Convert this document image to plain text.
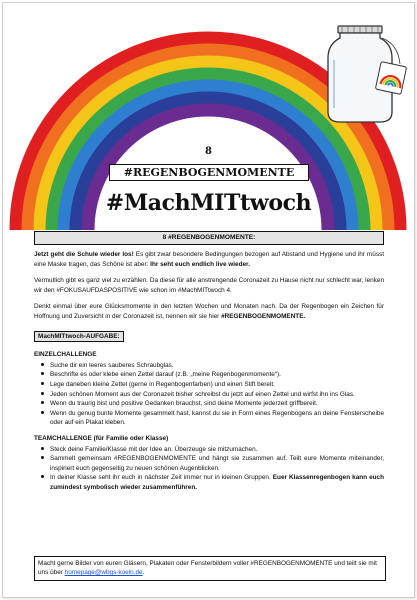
8
#REGENBOGENMOMENTE
#MachMITtwoch
8 #REGENBOGENMOMENTE:

Jetzt geht die Schule wieder los! Es gibt zwar besondere Bedingungen bezogen auf Abstand und Hygiene und ihr müsst eine Maske tragen, das Schöne ist aber: Ihr seht euch endlich live wieder.

Vermutlich gibt es ganz viel zu erzählen. Da diese für alle anstrengende Coronazeit zu Hause nicht nur schlecht war, lenken wir den #FOKUSAUFDASPOSITIVE wie schon im #MachMITtwoch 4.

Denkt einmal über eure Glücksmomente in den letzten Wochen und Monaten nach. Da der Regenbogen ein Zeichen für Hoffnung und Zuversicht in der Coronazeit ist, nennen wir sie hier #REGENBOGENMOMENTE.

MachMITtwoch-AUFGABE:
EINZELCHALLENGE
Suche dir ein leeres sauberes Schraubglas.
Beschrifte es oder klebe einen Zettel darauf (z.B. „meine Regenbogenmomente“).
Lege daneben kleine Zettel (gerne in Regenbogenfarben) und einen Stift bereit.
Jeden schönen Moment aus der Coronazeit bisher schreibst du jetzt auf einen Zettel und wirfst ihn ins Glas.
Wenn du traurig bist und positive Gedanken brauchst, sind deine Momente jederzeit griffbereit.
Wenn du genug bunte Momente gesammelt hast, kannst du sie in Form eines Regenbogens an deine Fensterscheibe oder auf ein Plakat kleben.
TEAMCHALLENGE (für Familie oder Klasse)
Steck deine Familie/Klasse mit der Idee an. Überzeuge sie mitzumachen.
Sammelt gemeinsam #REGENBOGENMOMENTE und hängt sie zusammen auf. Teilt eure Momente miteinander, inspiriert euch gegenseitig zu neuen schönen Augenblicken.
In deiner Klasse seht ihr euch in nächster Zeit immer nur in kleinen Gruppen. Euer Klassenregenbogen kann euch zumindest symbolisch wieder zusammenführen.
Macht gerne Bilder von euren Gläsern, Plakaten oder Fensterbildern voller #REGENBOGENMOMENTE und teilt sie mit uns über homepage@wbgs-koeln.de.
